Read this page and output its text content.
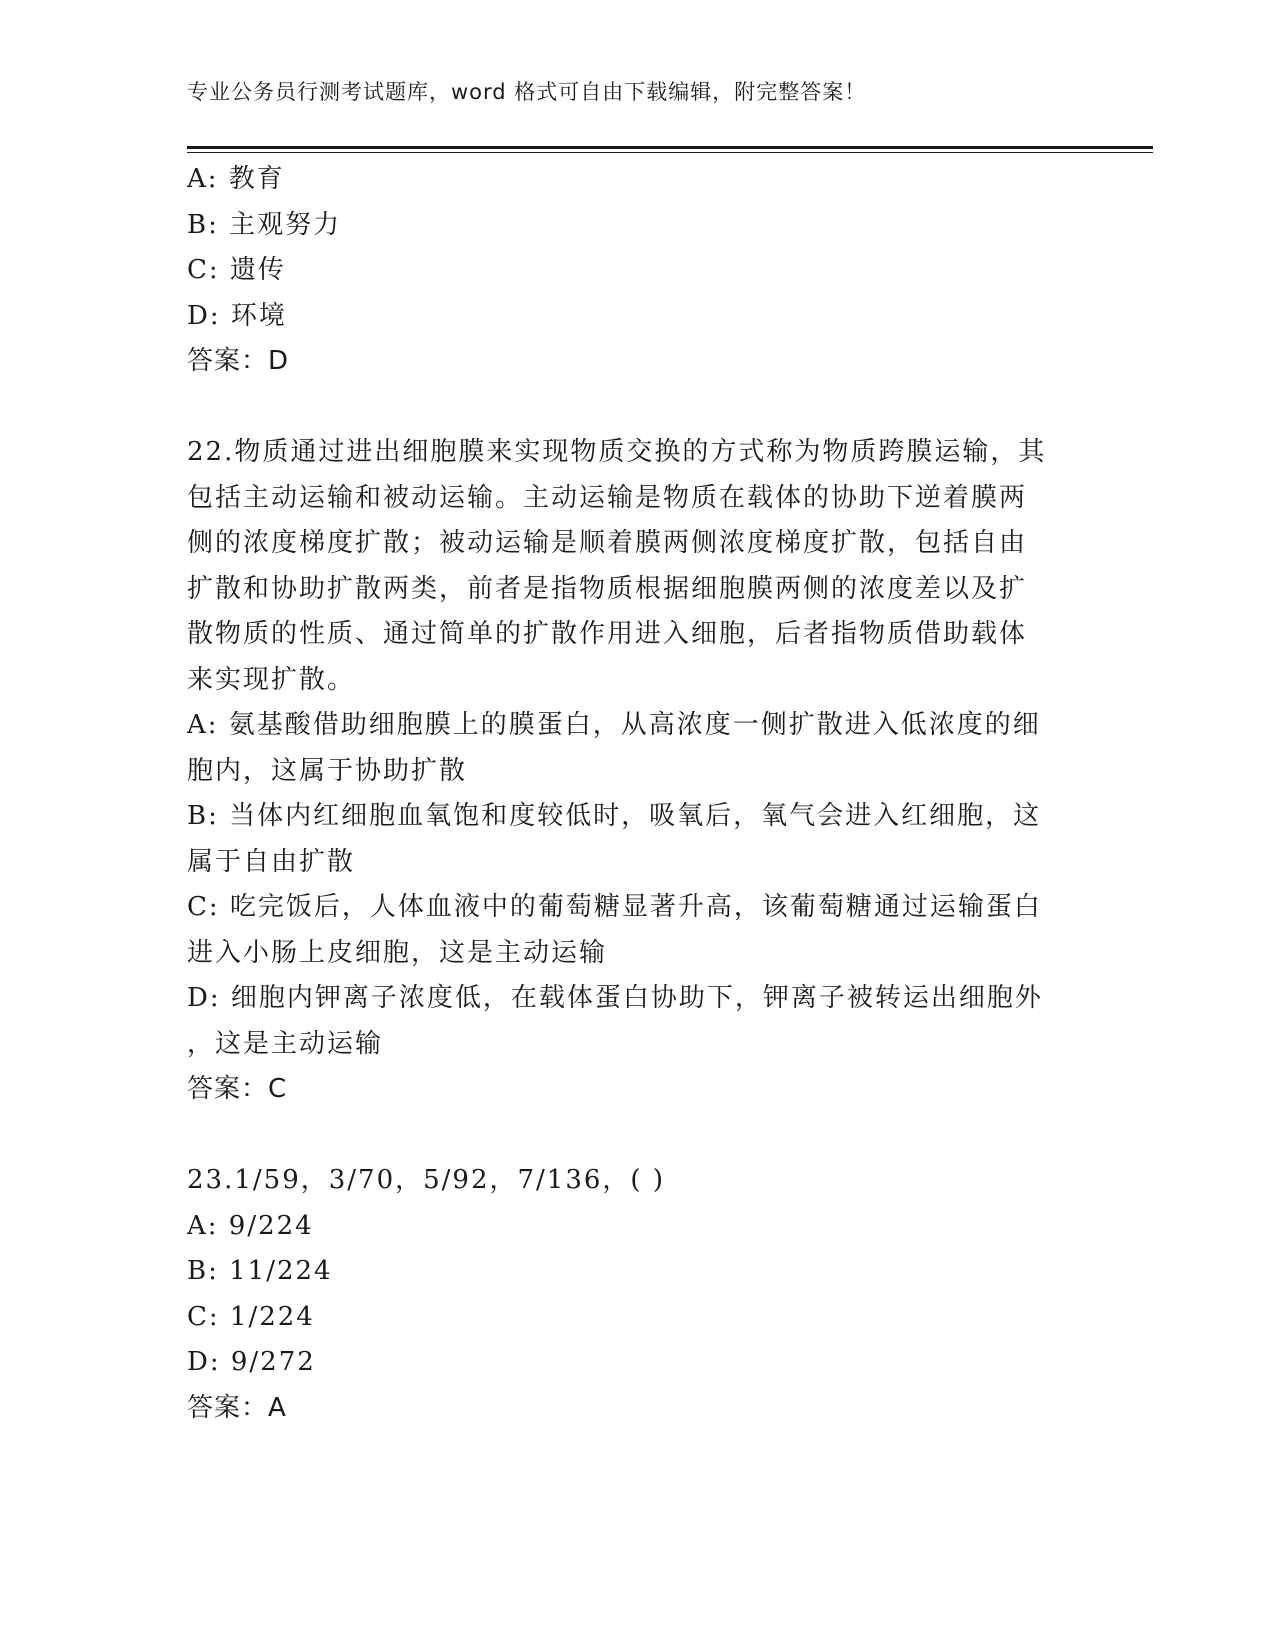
专业公务员行测考试题库，word 格式可自由下载编辑，附完整答案！
A: 教育
B: 主观努力
C: 遗传
D: 环境
答案：D
22.物质通过进出细胞膜来实现物质交换的方式称为物质跨膜运输，其
包括主动运输和被动运输。主动运输是物质在载体的协助下逆着膜两
侧的浓度梯度扩散；被动运输是顺着膜两侧浓度梯度扩散，包括自由
扩散和协助扩散两类，前者是指物质根据细胞膜两侧的浓度差以及扩
散物质的性质、通过简单的扩散作用进入细胞，后者指物质借助载体
来实现扩散。
A: 氨基酸借助细胞膜上的膜蛋白，从高浓度一侧扩散进入低浓度的细
胞内，这属于协助扩散
B: 当体内红细胞血氧饱和度较低时，吸氧后，氧气会进入红细胞，这
属于自由扩散
C: 吃完饭后，人体血液中的葡萄糖显著升高，该葡萄糖通过运输蛋白
进入小肠上皮细胞，这是主动运输
D: 细胞内钾离子浓度低，在载体蛋白协助下，钾离子被转运出细胞外
，这是主动运输
答案：C
23.1/59，3/70，5/92，7/136，( )
A: 9/224
B: 11/224
C: 1/224
D: 9/272
答案：A
